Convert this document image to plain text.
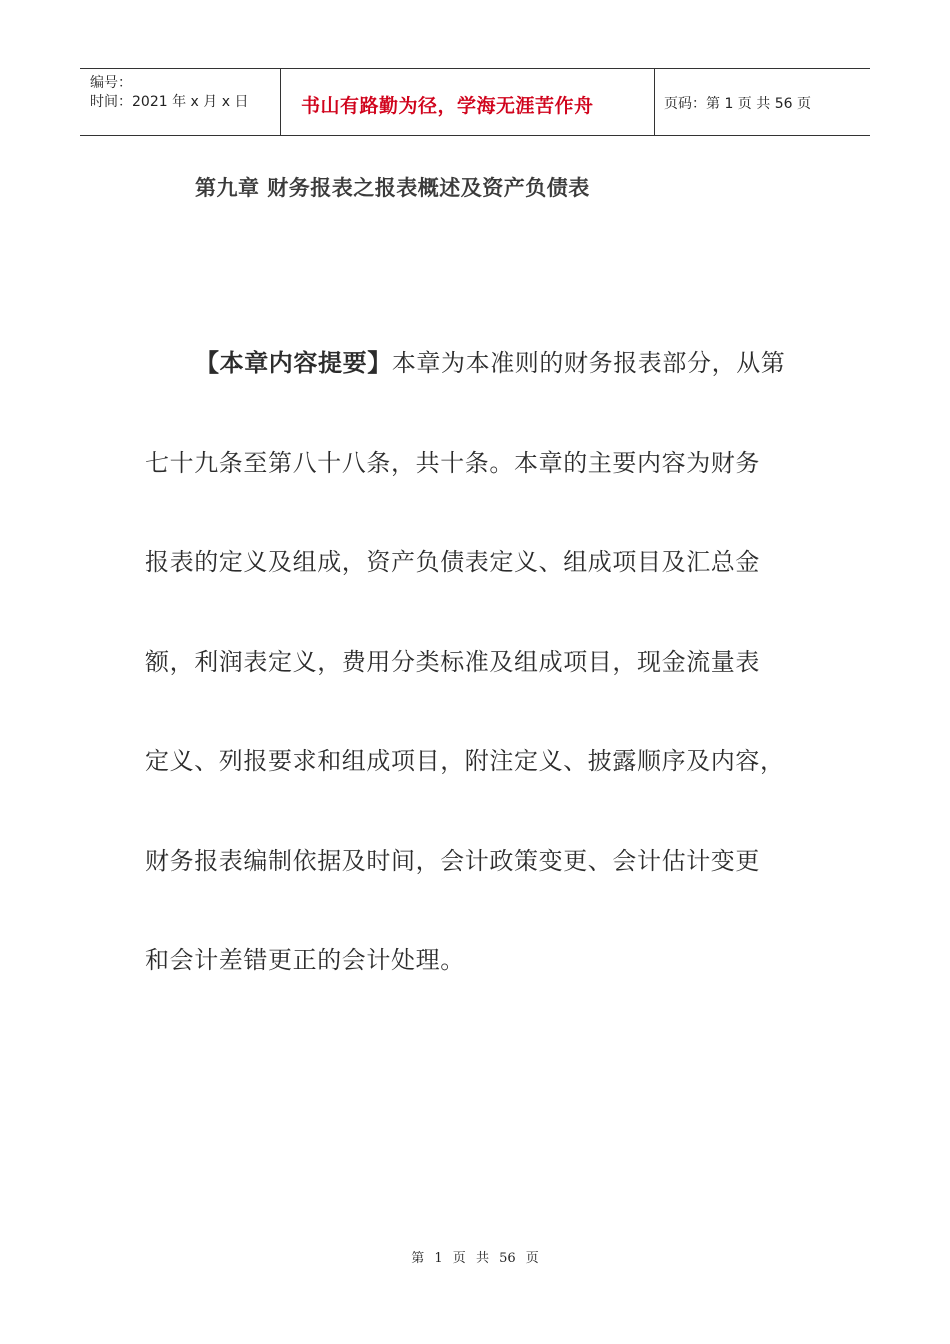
编号：
时间：2021 年 x 月 x 日	书山有路勤为径，学海无涯苦作舟	页码：第 1 页 共 56 页
第九章 财务报表之报表概述及资产负债表
【本章内容提要】本章为本准则的财务报表部分，从第
七十九条至第八十八条，共十条。本章的主要内容为财务
报表的定义及组成，资产负债表定义、组成项目及汇总金
额，利润表定义，费用分类标准及组成项目，现金流量表
定义、列报要求和组成项目，附注定义、披露顺序及内容，
财务报表编制依据及时间，会计政策变更、会计估计变更
和会计差错更正的会计处理。
第 1 页 共 56 页
